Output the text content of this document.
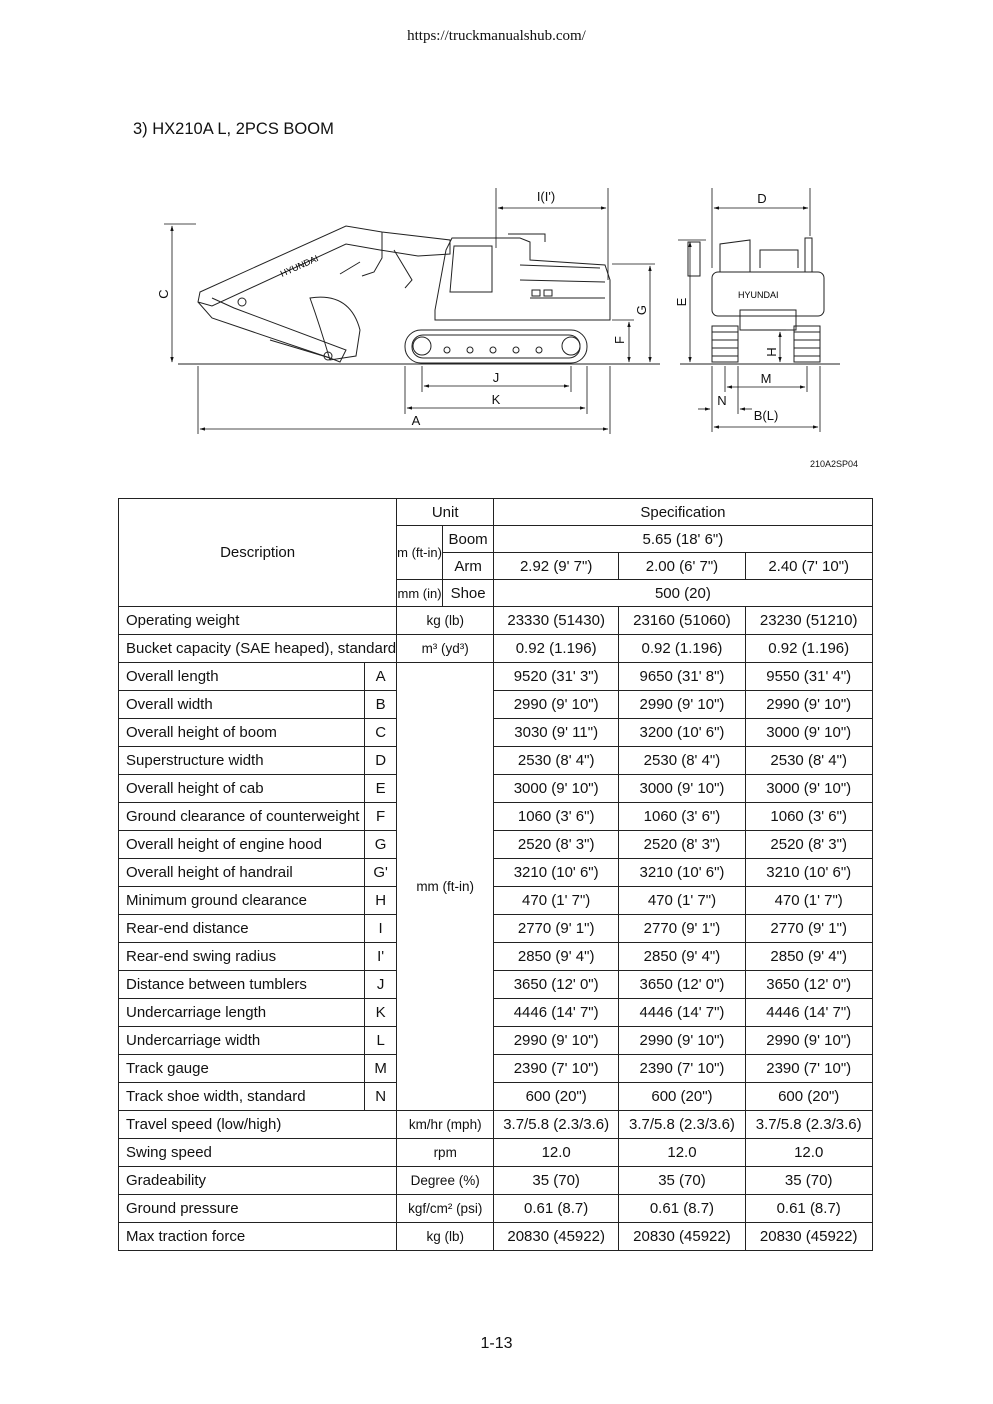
https://truckmanualshub.com/
3) HX210A L, 2PCS BOOM
HYUNDAI
HYUNDAI
I(I')	D
C
G
F
E
H
J
K
A
M
N
B(L)
210A2SP04
Description		Unit		Specification		
		m (ft-in)	Boom	5.65 (18' 6")		
			Arm	2.92 (9' 7")	2.00 (6' 7")	2.40 (7' 10")
		mm (in)	Shoe	500 (20)		
Operating weight		kg (lb)		23330 (51430)	23160 (51060)	23230 (51210)
Bucket capacity (SAE heaped), standard		m³ (yd³)		0.92 (1.196)	0.92 (1.196)	0.92 (1.196)
Overall length	A	mm (ft-in)		9520 (31' 3")	9650 (31' 8")	9550 (31' 4")
Overall width	B			2990 (9' 10")	2990 (9' 10")	2990 (9' 10")
Overall height of boom	C			3030 (9' 11")	3200 (10' 6")	3000 (9' 10")
Superstructure width	D			2530 (8' 4")	2530 (8' 4")	2530 (8' 4")
Overall height of cab	E			3000 (9' 10")	3000 (9' 10")	3000 (9' 10")
Ground clearance of counterweight	F			1060 (3' 6")	1060 (3' 6")	1060 (3' 6")
Overall height of engine hood	G			2520 (8' 3")	2520 (8' 3")	2520 (8' 3")
Overall height of handrail	G'			3210 (10' 6")	3210 (10' 6")	3210 (10' 6")
Minimum ground clearance	H			470 (1' 7")	470 (1' 7")	470 (1' 7")
Rear-end distance	I			2770 (9' 1")	2770 (9' 1")	2770 (9' 1")
Rear-end swing radius	I'			2850 (9' 4")	2850 (9' 4")	2850 (9' 4")
Distance between tumblers	J			3650 (12' 0")	3650 (12' 0")	3650 (12' 0")
Undercarriage length	K			4446 (14' 7")	4446 (14' 7")	4446 (14' 7")
Undercarriage width	L			2990 (9' 10")	2990 (9' 10")	2990 (9' 10")
Track gauge	M			2390 (7' 10")	2390 (7' 10")	2390 (7' 10")
Track shoe width, standard	N			600 (20")	600 (20")	600 (20")
Travel speed (low/high)		km/hr (mph)		3.7/5.8 (2.3/3.6)	3.7/5.8 (2.3/3.6)	3.7/5.8 (2.3/3.6)
Swing speed		rpm		12.0	12.0	12.0
Gradeability		Degree (%)		35 (70)	35 (70)	35 (70)
Ground pressure		kgf/cm² (psi)		0.61 (8.7)	0.61 (8.7)	0.61 (8.7)
Max traction force		kg (lb)		20830 (45922)	20830 (45922)	20830 (45922)
1-13
